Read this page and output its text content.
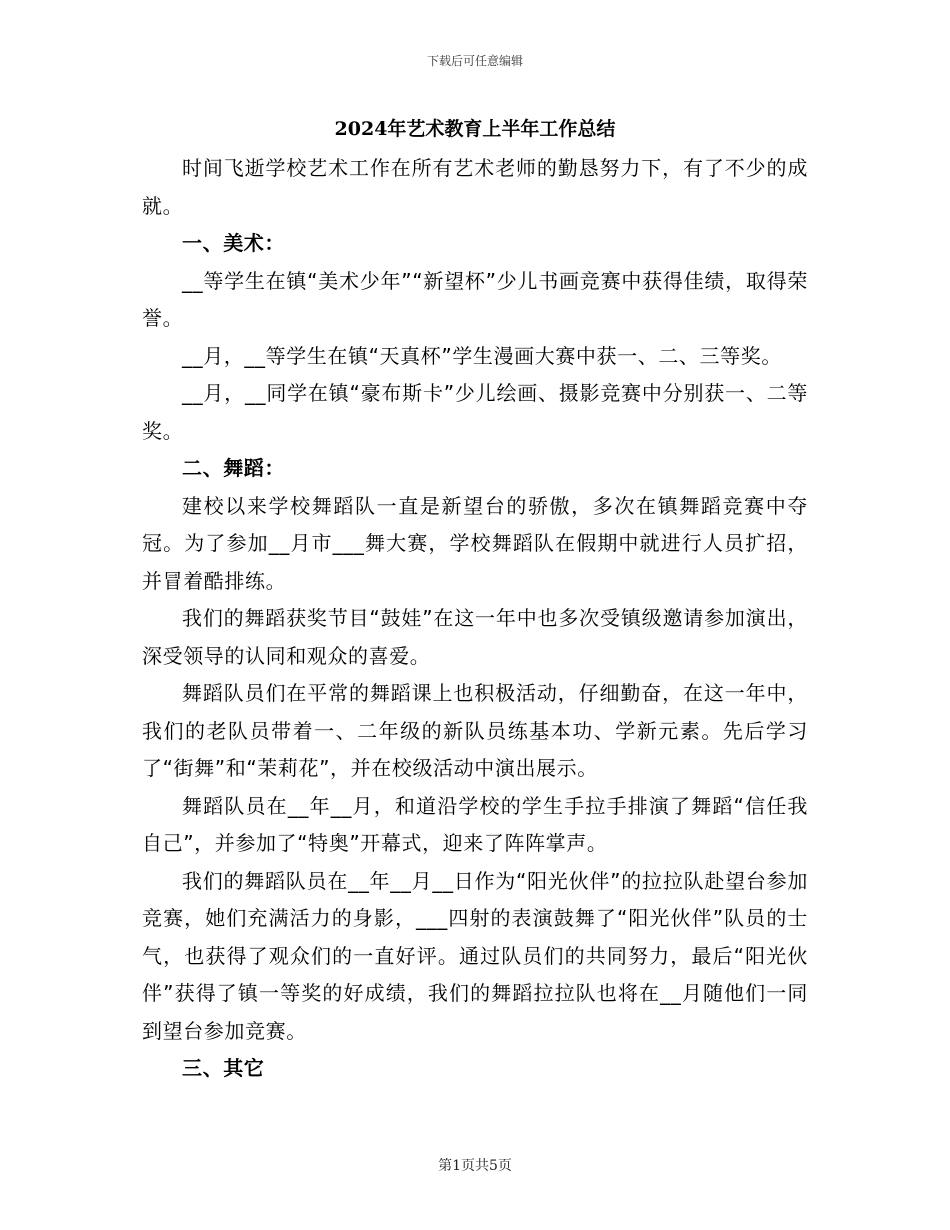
下载后可任意编辑
2024年艺术教育上半年工作总结

时间飞逝学校艺术工作在所有艺术老师的勤恳努力下，有了不少的成就。

一、美术：

__等学生在镇“美术少年”“新望杯”少儿书画竞赛中获得佳绩，取得荣誉。

__月，__等学生在镇“天真杯”学生漫画大赛中获一、二、三等奖。

__月，__同学在镇“豪布斯卡”少儿绘画、摄影竞赛中分别获一、二等奖。

二、舞蹈：

建校以来学校舞蹈队一直是新望台的骄傲，多次在镇舞蹈竞赛中夺冠。为了参加__月市___舞大赛，学校舞蹈队在假期中就进行人员扩招，并冒着酷排练。

我们的舞蹈获奖节目“鼓娃”在这一年中也多次受镇级邀请参加演出，深受领导的认同和观众的喜爱。

舞蹈队员们在平常的舞蹈课上也积极活动，仔细勤奋，在这一年中，我们的老队员带着一、二年级的新队员练基本功、学新元素。先后学习了“街舞”和“茉莉花”，并在校级活动中演出展示。

舞蹈队员在__年__月，和道沿学校的学生手拉手排演了舞蹈“信任我自己”，并参加了“特奥”开幕式，迎来了阵阵掌声。

我们的舞蹈队员在__年__月__日作为“阳光伙伴”的拉拉队赴望台参加竞赛，她们充满活力的身影，___四射的表演鼓舞了“阳光伙伴”队员的士气，也获得了观众们的一直好评。通过队员们的共同努力，最后“阳光伙伴”获得了镇一等奖的好成绩，我们的舞蹈拉拉队也将在__月随他们一同到望台参加竞赛。

三、其它

第1页共5页
